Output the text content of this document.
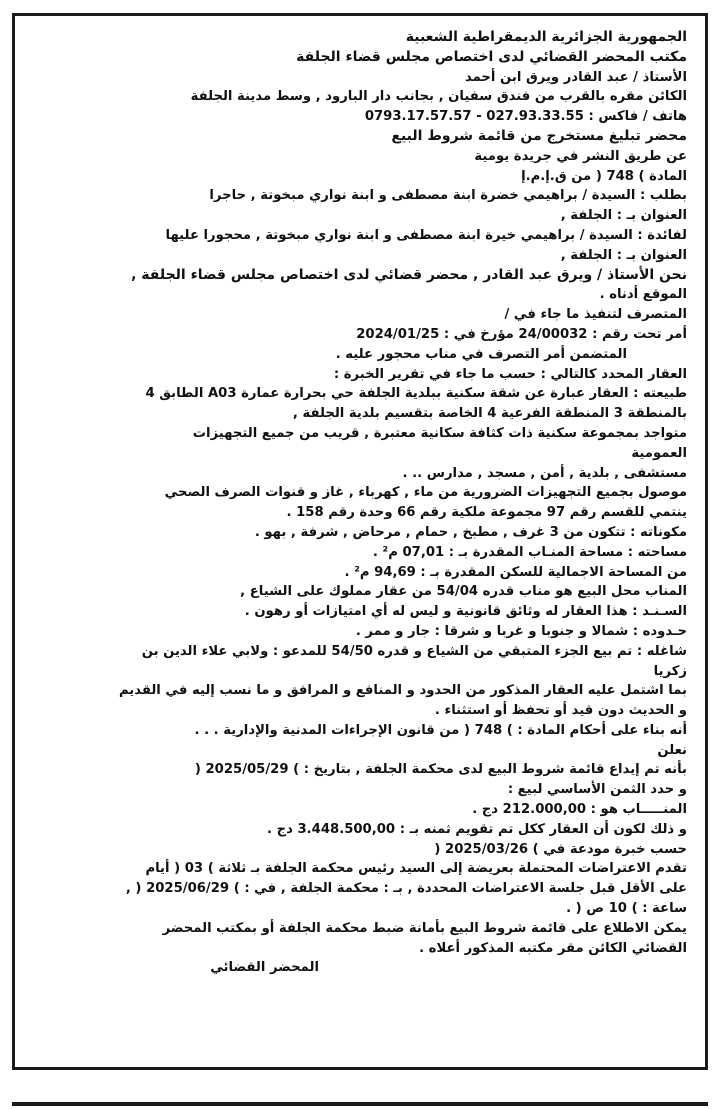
الجمهورية الجزائرية الديمقراطية الشعبية

مكتب المحضر القضائي لدى اختصاص مجلس قضاء الجلفة

الأستاذ / عبد القادر ويرق ابن أحمد

الكائن مقره بالقرب من فندق سفيان , بجانب دار البارود , وسط مدينة الجلفة

هاتف / فاكس : 027.93.33.55 - 0793.17.57.57

محضر تبليغ مستخرج من قائمة شروط البيع

عن طريق النشر في جريدة يومية

المادة ) 748 ( من ق.إ.م.إ

بطلب : السيدة / براهيمي خضرة ابنة مصطفى و ابنة نواري مبخوتة , حاجرا

العنوان بـ : الجلفة ,

لفائدة : السيدة / براهيمي خيرة ابنة مصطفى و ابنة نواري مبخوتة , محجورا عليها

العنوان بـ : الجلفة ,

نحن الأستاذ / ويرق عبد القادر , محضر قضائي لدى اختصاص مجلس قضاء الجلفة ,

الموقع أدناه .

المتصرف لتنفيذ ما جاء في /

أمر تحت رقم : 24/00032 مؤرخ في : 2024/01/25

المتضمن أمر التصرف في مناب محجور عليه .

العقار المحدد كالتالي : حسب ما جاء في تقرير الخبرة :

طبيعته : العقار عبارة عن شقة سكنية ببلدية الجلفة حي بحرارة عمارة A03 الطابق 4

بالمنطقة 3 المنطقة الفرعية 4 الخاصة بتقسيم بلدية الجلفة ,

متواجد بمجموعة سكنية ذات كثافة سكانية معتبرة , قريب من جميع التجهيزات

العمومية

مستشفى , بلدية , أمن , مسجد , مدارس .. .

موصول بجميع التجهيزات الضرورية من ماء , كهرباء , غاز و قنوات الصرف الصحي

ينتمي للقسم رقم 97 مجموعة ملكية رقم 66 وحدة رقم 158 .

مكوناته : تتكون من 3 غرف , مطبخ , حمام , مرحاض , شرفة , بهو .

مساحته : مساحة المنـاب المقدرة بـ : 07,01 م² .

من المساحة الاجمالية للسكن المقدرة بـ : 94,69 م² .

المناب محل البيع هو مناب قدره 54/04 من عقار مملوك على الشياع ,

السـنـد : هذا العقار له وثائق قانونية و ليس له أي امتيازات أو رهون .

حـدوده : شمالا و جنوبا و غربا و شرقا : جار و ممر .

شاغله : تم بيع الجزء المتبقي من الشياع و قدره 54/50 للمدعو : ولابي علاء الدين بن

زكريا

بما اشتمل عليه العقار المذكور من الحدود و المنافع و المرافق و ما نسب إليه في القديم

و الحديث دون قيد أو تحفظ أو استثناء .

أنه بناء على أحكام المادة : ) 748 ( من قانون الإجراءات المدنية والإدارية . . .

نعلن

بأنه تم إيداع قائمة شروط البيع لدى محكمة الجلفة , بتاريخ : ) 2025/05/29 (

و حدد الثمن الأساسي لبيع :

المنـــــاب هو : 212.000,00 دج .

و ذلك لكون أن العقار ككل تم تقويم ثمنه بـ : 3.448.500,00 دج .

حسب خبرة مودعة في ) 2025/03/26 (

تقدم الاعتراضات المحتملة بعريضة إلى السيد رئيس محكمة الجلفة بـ ثلاثة ) 03 ( أيام

على الأقل قبل جلسة الاعتراضات المحددة , بـ : محكمة الجلفة , في : ) 2025/06/29 ( ,

ساعة : ) 10 ص ( .

يمكن الاطلاع على قائمة شروط البيع بأمانة ضبط محكمة الجلفة أو بمكتب المحضر

القضائي الكائن مقر مكتبه المذكور أعلاه .

المحضر القضائي
